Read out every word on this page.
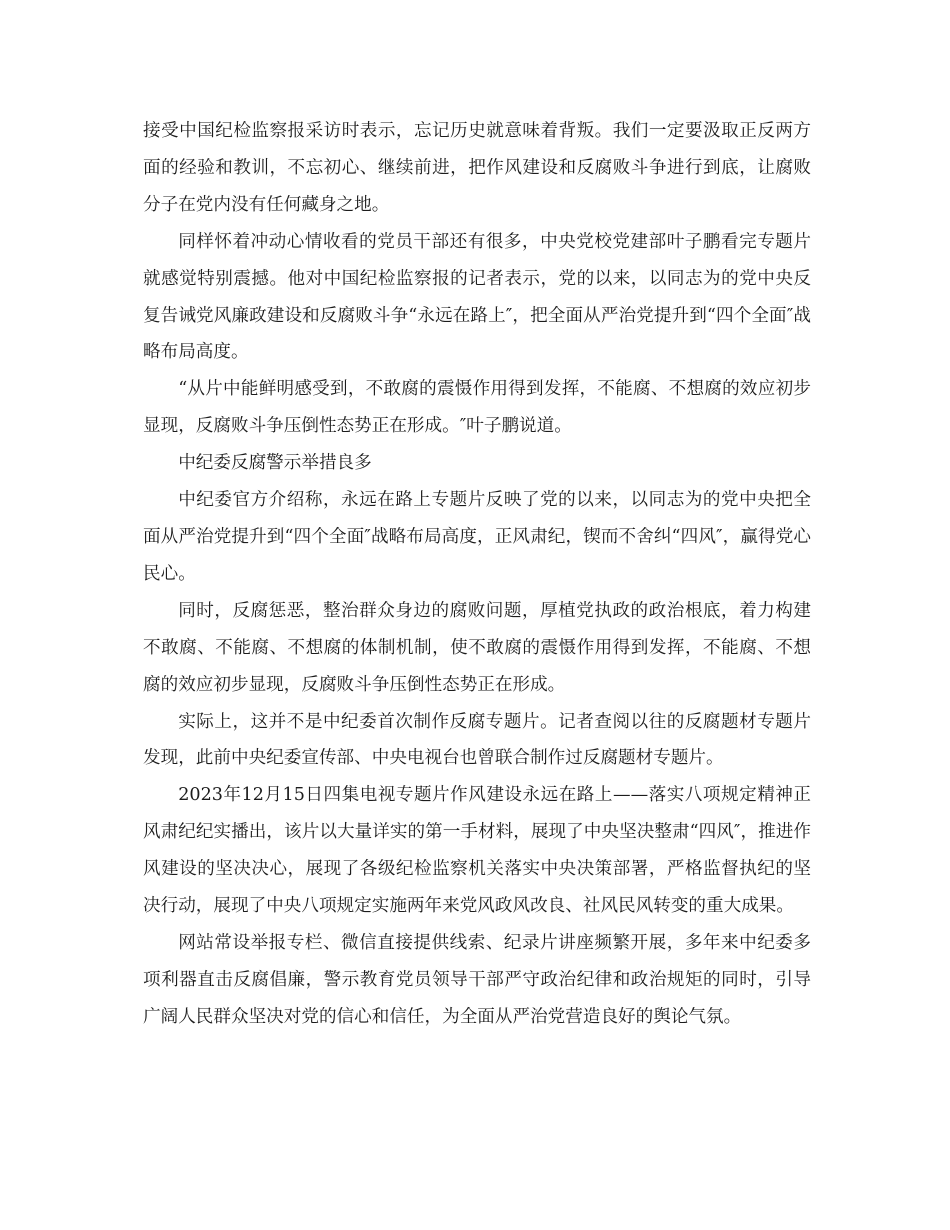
接受中国纪检监察报采访时表示，忘记历史就意味着背叛。我们一定要汲取正反两方面的经验和教训，不忘初心、继续前进，把作风建设和反腐败斗争进行到底，让腐败分子在党内没有任何藏身之地。

同样怀着冲动心情收看的党员干部还有很多，中央党校党建部叶子鹏看完专题片就感觉特别震撼。他对中国纪检监察报的记者表示，党的以来，以同志为的党中央反复告诫党风廉政建设和反腐败斗争“永远在路上″，把全面从严治党提升到“四个全面″战略布局高度。

“从片中能鲜明感受到，不敢腐的震慑作用得到发挥，不能腐、不想腐的效应初步显现，反腐败斗争压倒性态势正在形成。″叶子鹏说道。

中纪委反腐警示举措良多

中纪委官方介绍称，永远在路上专题片反映了党的以来，以同志为的党中央把全面从严治党提升到“四个全面″战略布局高度，正风肃纪，锲而不舍纠“四风″，赢得党心民心。

同时，反腐惩恶，整治群众身边的腐败问题，厚植党执政的政治根底，着力构建不敢腐、不能腐、不想腐的体制机制，使不敢腐的震慑作用得到发挥，不能腐、不想腐的效应初步显现，反腐败斗争压倒性态势正在形成。

实际上，这并不是中纪委首次制作反腐专题片。记者查阅以往的反腐题材专题片发现，此前中央纪委宣传部、中央电视台也曾联合制作过反腐题材专题片。

2023年12月15日四集电视专题片作风建设永远在路上——落实八项规定精神正风肃纪纪实播出，该片以大量详实的第一手材料，展现了中央坚决整肃“四风″，推进作风建设的坚决决心，展现了各级纪检监察机关落实中央决策部署，严格监督执纪的坚决行动，展现了中央八项规定实施两年来党风政风改良、社风民风转变的重大成果。

网站常设举报专栏、微信直接提供线索、纪录片讲座频繁开展，多年来中纪委多项利器直击反腐倡廉，警示教育党员领导干部严守政治纪律和政治规矩的同时，引导广阔人民群众坚决对党的信心和信任，为全面从严治党营造良好的舆论气氛。
